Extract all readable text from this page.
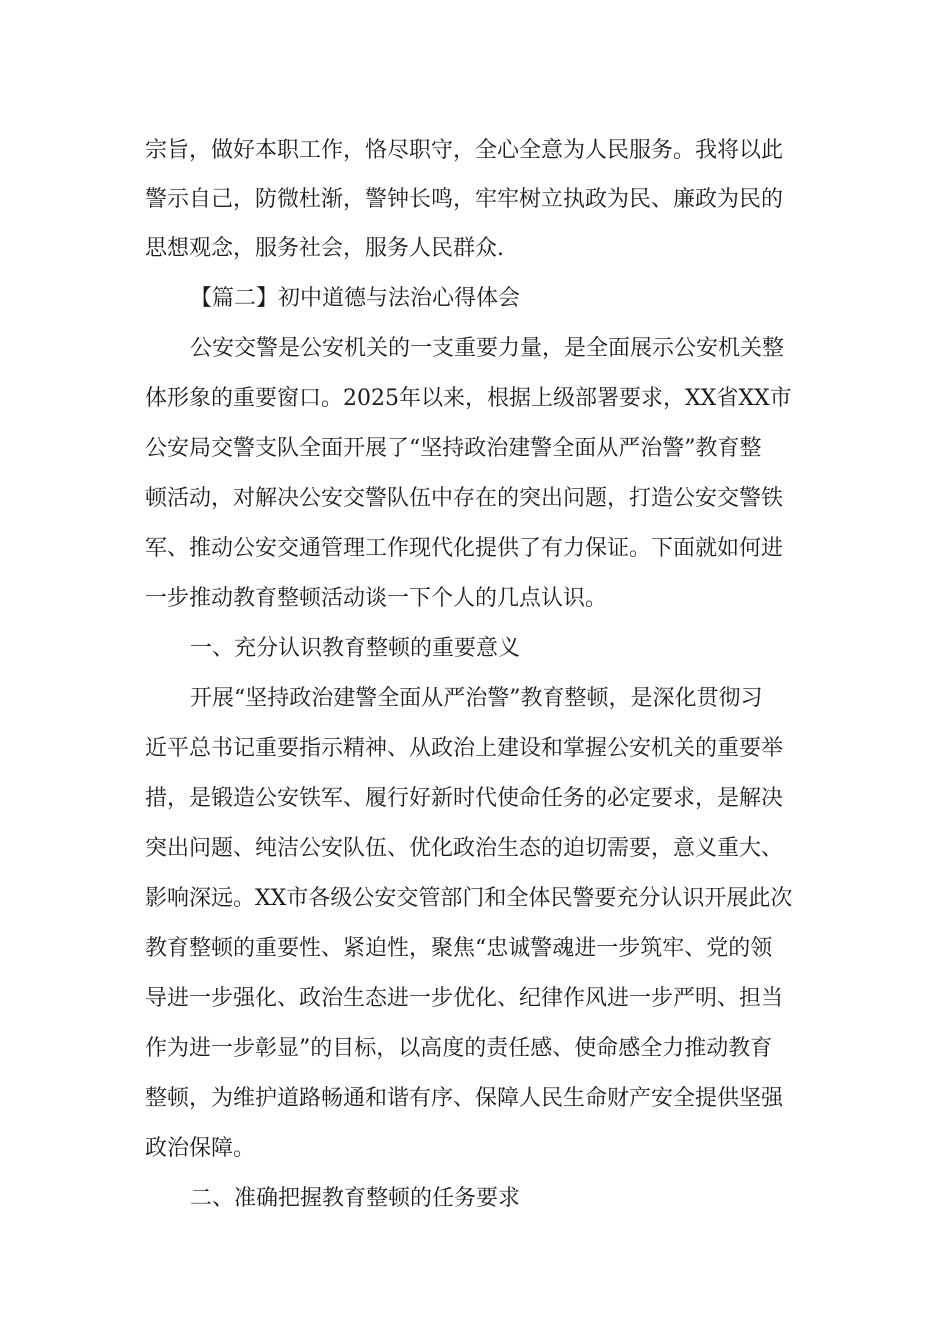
宗旨，做好本职工作，恪尽职守，全心全意为人民服务。我将以此
警示自己，防微杜渐，警钟长鸣，牢牢树立执政为民、廉政为民的
思想观念，服务社会，服务人民群众.
【篇二】初中道德与法治心得体会
公安交警是公安机关的一支重要力量，是全面展示公安机关整
体形象的重要窗口。2025年以来，根据上级部署要求，XX省XX市
公安局交警支队全面开展了“坚持政治建警全面从严治警”教育整
顿活动，对解决公安交警队伍中存在的突出问题，打造公安交警铁
军、推动公安交通管理工作现代化提供了有力保证。下面就如何进
一步推动教育整顿活动谈一下个人的几点认识。
一、充分认识教育整顿的重要意义
开展“坚持政治建警全面从严治警”教育整顿，是深化贯彻习
近平总书记重要指示精神、从政治上建设和掌握公安机关的重要举
措，是锻造公安铁军、履行好新时代使命任务的必定要求，是解决
突出问题、纯洁公安队伍、优化政治生态的迫切需要，意义重大、
影响深远。XX市各级公安交管部门和全体民警要充分认识开展此次
教育整顿的重要性、紧迫性，聚焦“忠诚警魂进一步筑牢、党的领
导进一步强化、政治生态进一步优化、纪律作风进一步严明、担当
作为进一步彰显”的目标，以高度的责任感、使命感全力推动教育
整顿，为维护道路畅通和谐有序、保障人民生命财产安全提供坚强
政治保障。
二、准确把握教育整顿的任务要求
